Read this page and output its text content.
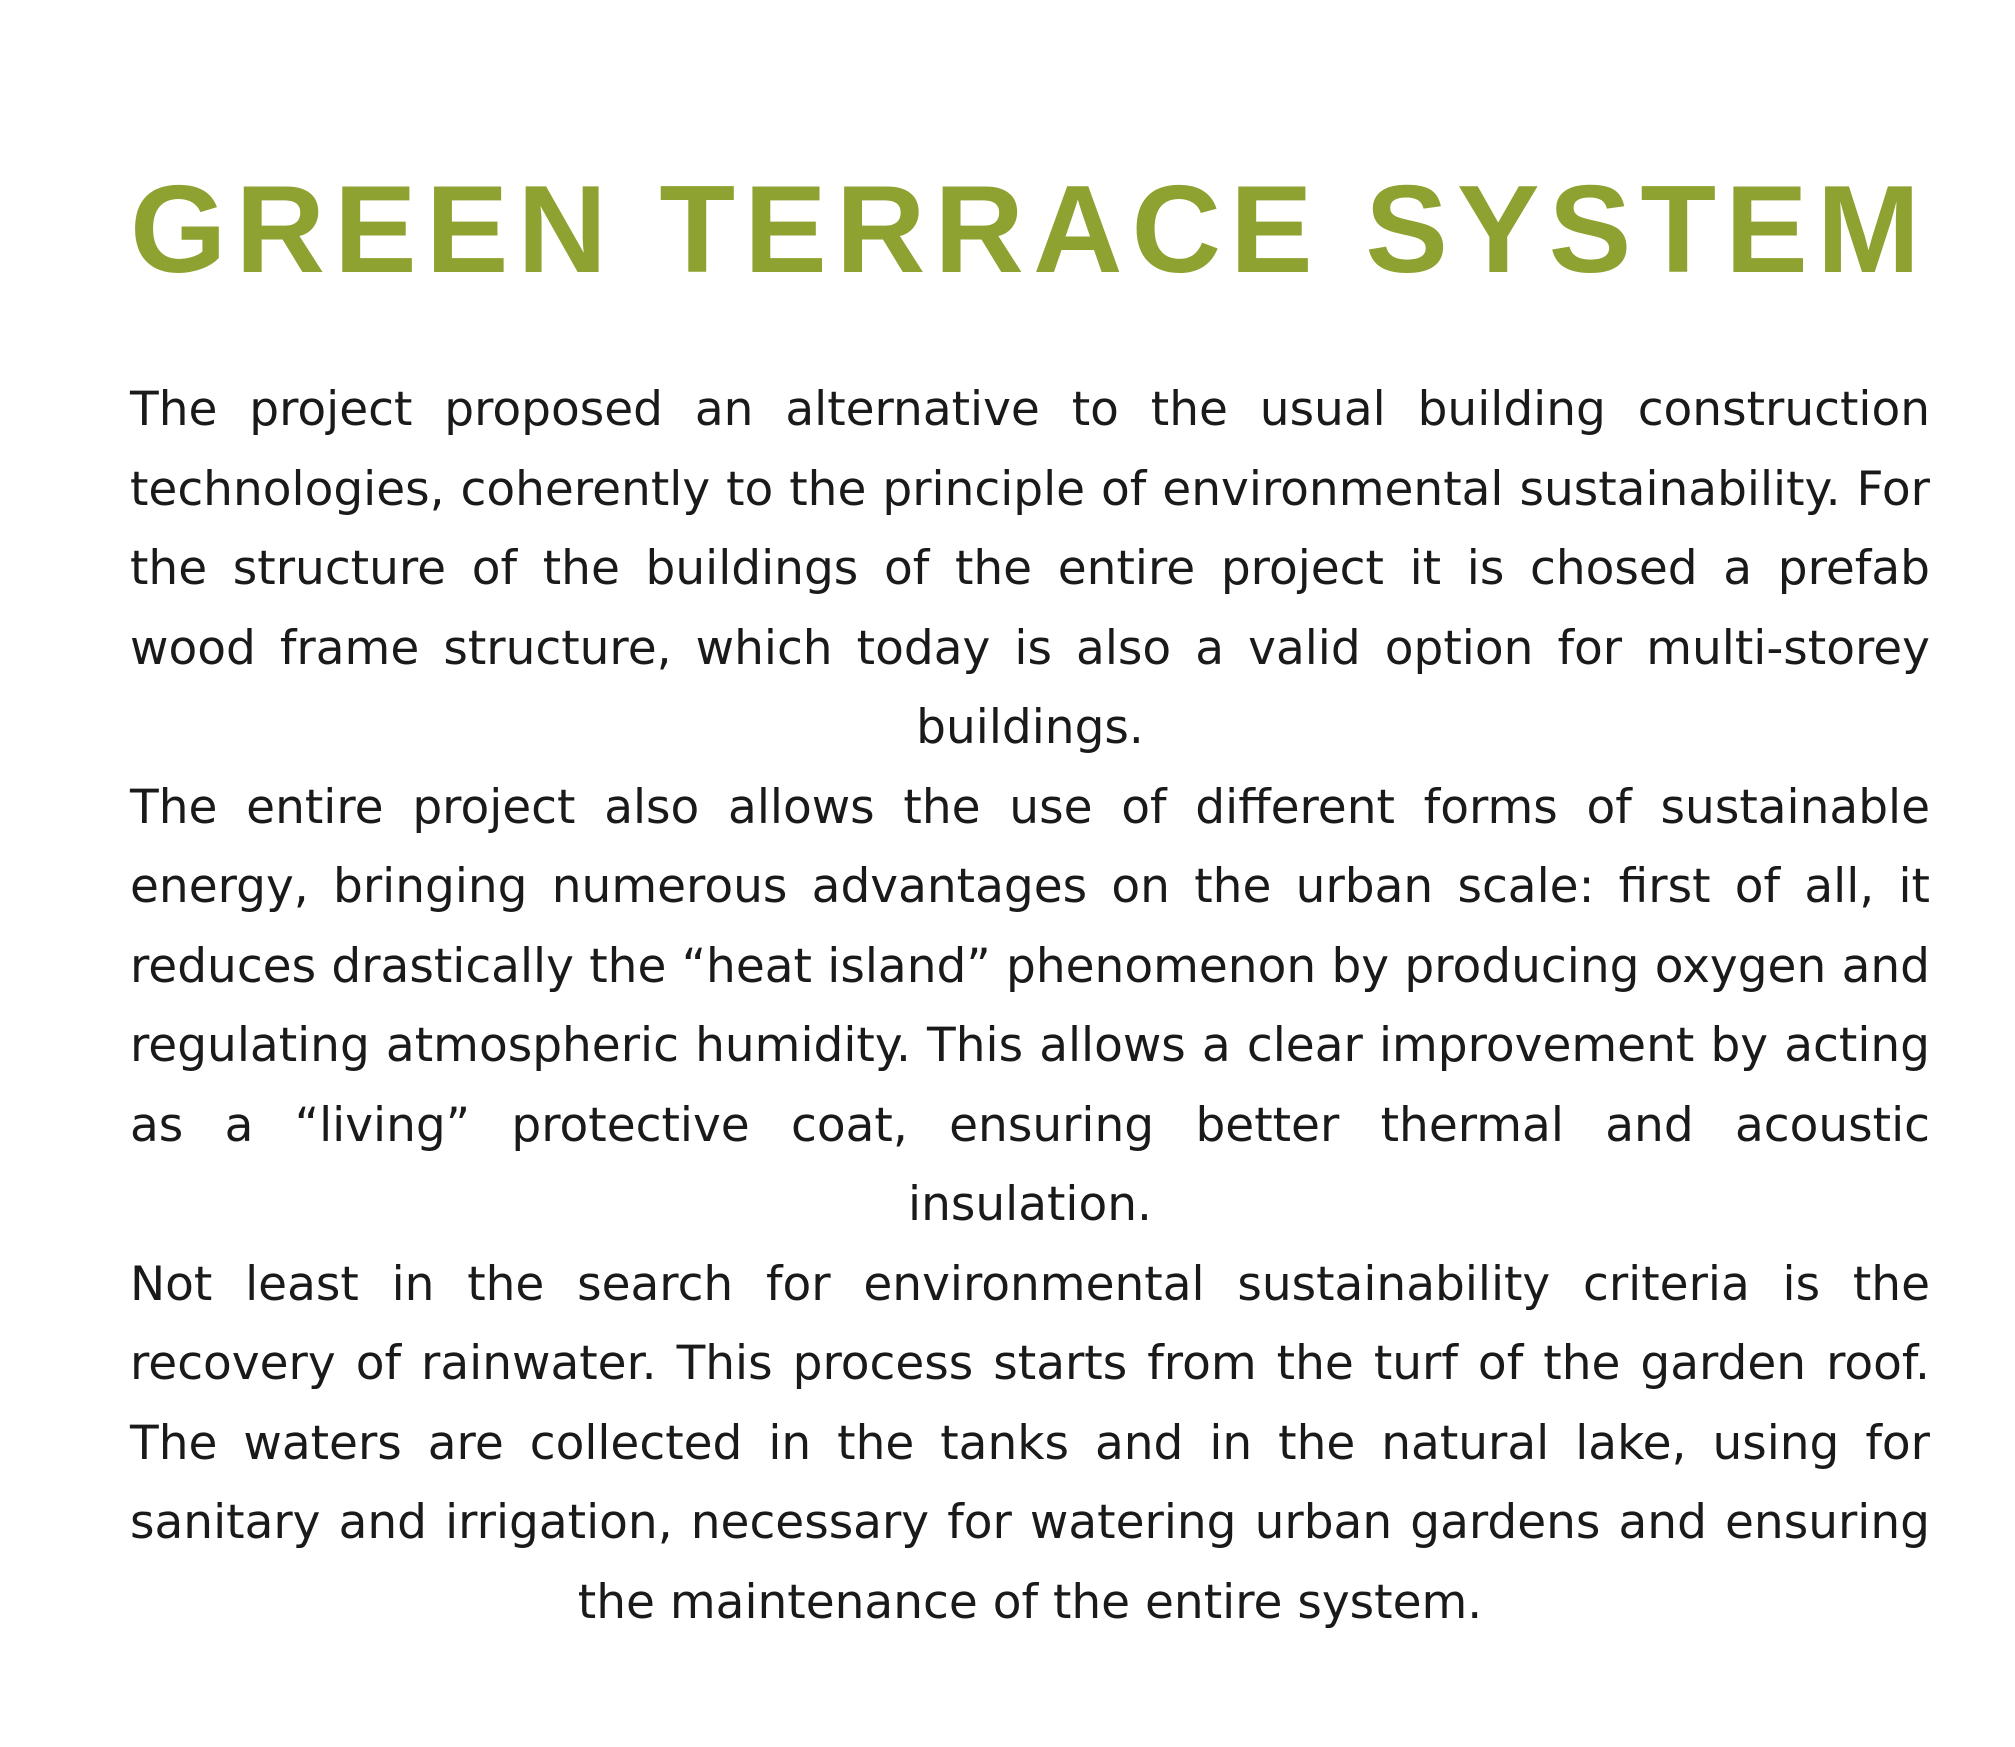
GREEN TERRACE SYSTEM

The project proposed an alternative to the usual building construction technologies, coherently to the principle of environmental sustainability. For the structure of the buildings of the entire project it is chosed a prefab wood frame structure, which today is also a valid option for multi-storey buildings.

The entire project also allows the use of different forms of sustainable energy, bringing numerous advantages on the urban scale: first of all, it reduces drastically the “heat island” phenomenon by producing oxygen and regulating atmospheric humidity. This allows a clear improvement by acting as a “living” protective coat, ensuring better thermal and acoustic insulation.

Not least in the search for environmental sustainability criteria is the recovery of rainwater. This process starts from the turf of the garden roof. The waters are collected in the tanks and in the natural lake, using for sanitary and irrigation, necessary for watering urban gardens and ensuring the maintenance of the entire system.
